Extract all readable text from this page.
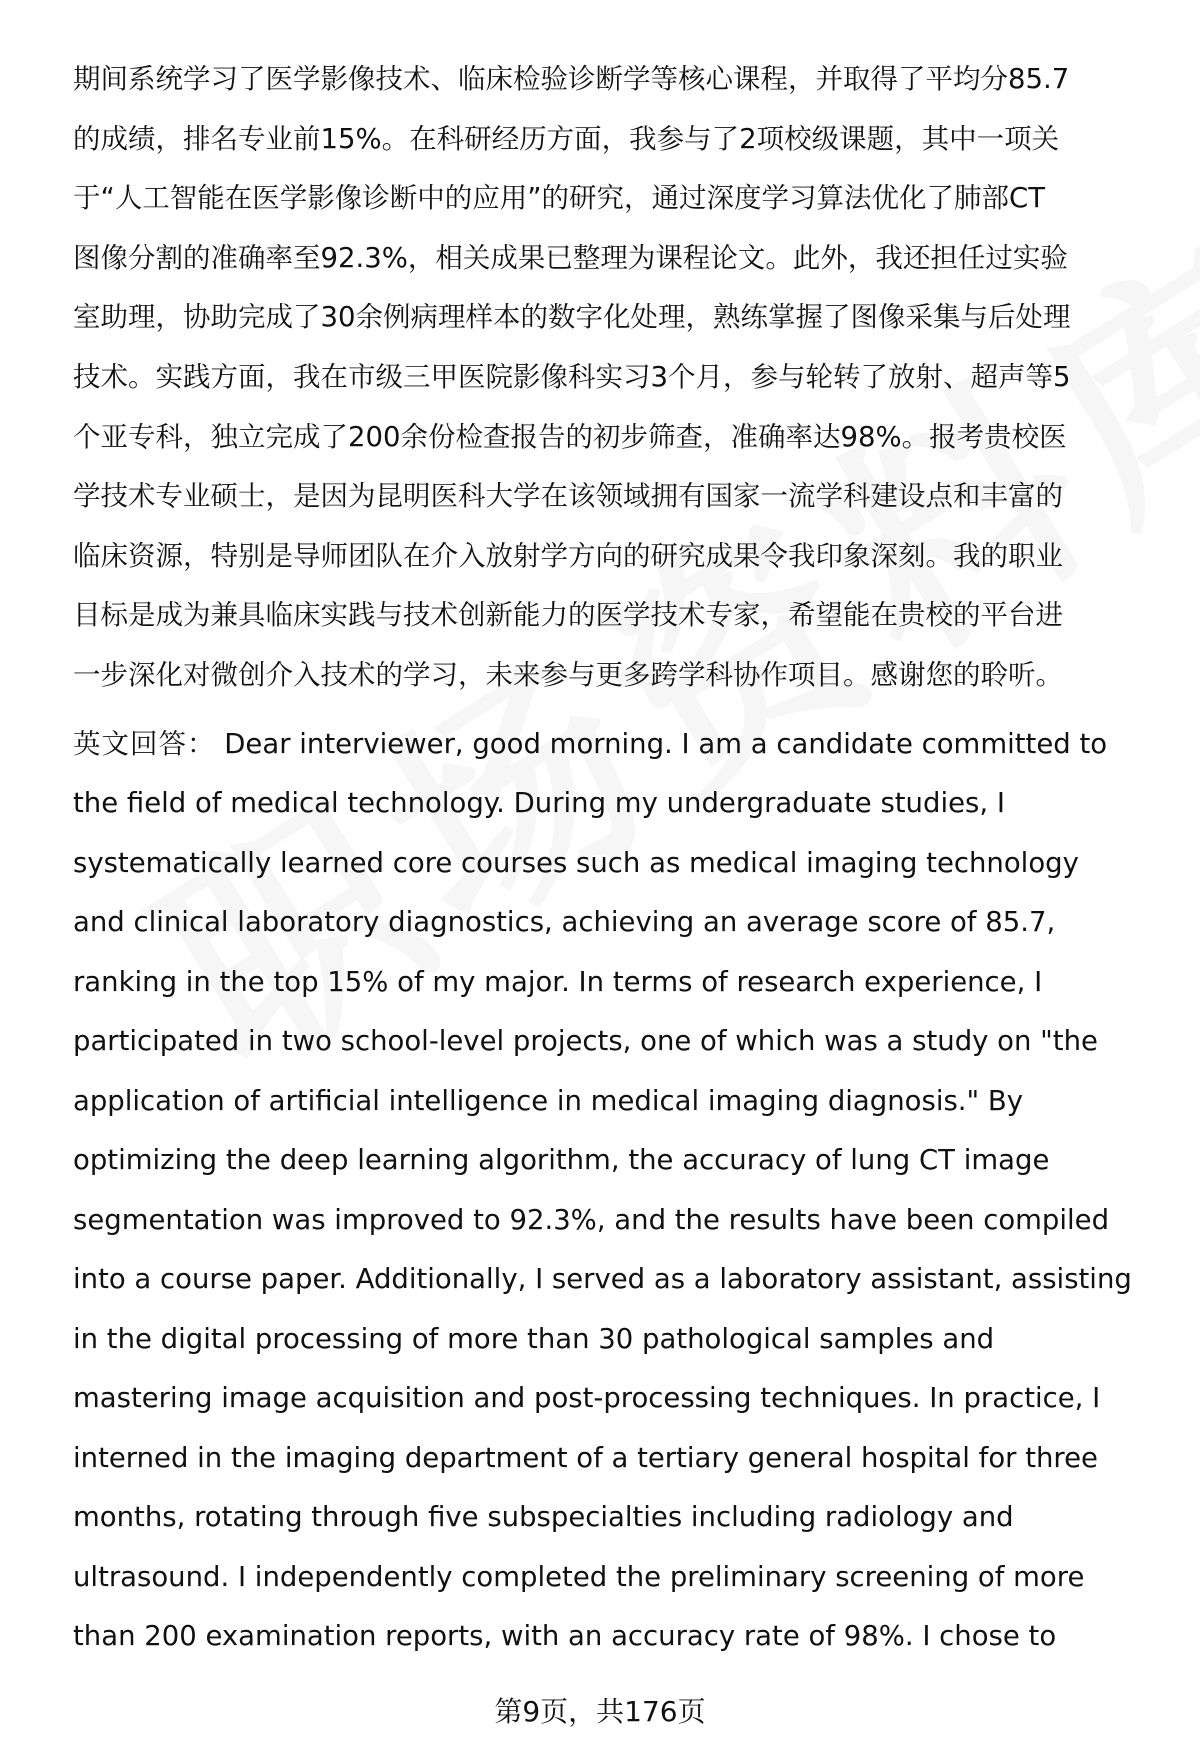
期间系统学习了医学影像技术、临床检验诊断学等核心课程，并取得了平均分85.7
的成绩，排名专业前15%。在科研经历方面，我参与了2项校级课题，其中一项关
于“人工智能在医学影像诊断中的应用”的研究，通过深度学习算法优化了肺部CT
图像分割的准确率至92.3%，相关成果已整理为课程论文。此外，我还担任过实验
室助理，协助完成了30余例病理样本的数字化处理，熟练掌握了图像采集与后处理
技术。实践方面，我在市级三甲医院影像科实习3个月，参与轮转了放射、超声等5
个亚专科，独立完成了200余份检查报告的初步筛查，准确率达98%。报考贵校医
学技术专业硕士，是因为昆明医科大学在该领域拥有国家一流学科建设点和丰富的
临床资源，特别是导师团队在介入放射学方向的研究成果令我印象深刻。我的职业
目标是成为兼具临床实践与技术创新能力的医学技术专家，希望能在贵校的平台进
一步深化对微创介入技术的学习，未来参与更多跨学科协作项目。感谢您的聆听。
英文回答： Dear interviewer, good morning. I am a candidate committed to
the field of medical technology. During my undergraduate studies, I
systematically learned core courses such as medical imaging technology
and clinical laboratory diagnostics, achieving an average score of 85.7,
ranking in the top 15% of my major. In terms of research experience, I
participated in two school-level projects, one of which was a study on "the
application of artificial intelligence in medical imaging diagnosis." By
optimizing the deep learning algorithm, the accuracy of lung CT image
segmentation was improved to 92.3%, and the results have been compiled
into a course paper. Additionally, I served as a laboratory assistant, assisting
in the digital processing of more than 30 pathological samples and
mastering image acquisition and post-processing techniques. In practice, I
interned in the imaging department of a tertiary general hospital for three
months, rotating through five subspecialties including radiology and
ultrasound. I independently completed the preliminary screening of more
than 200 examination reports, with an accuracy rate of 98%. I chose to
第9页，共176页
